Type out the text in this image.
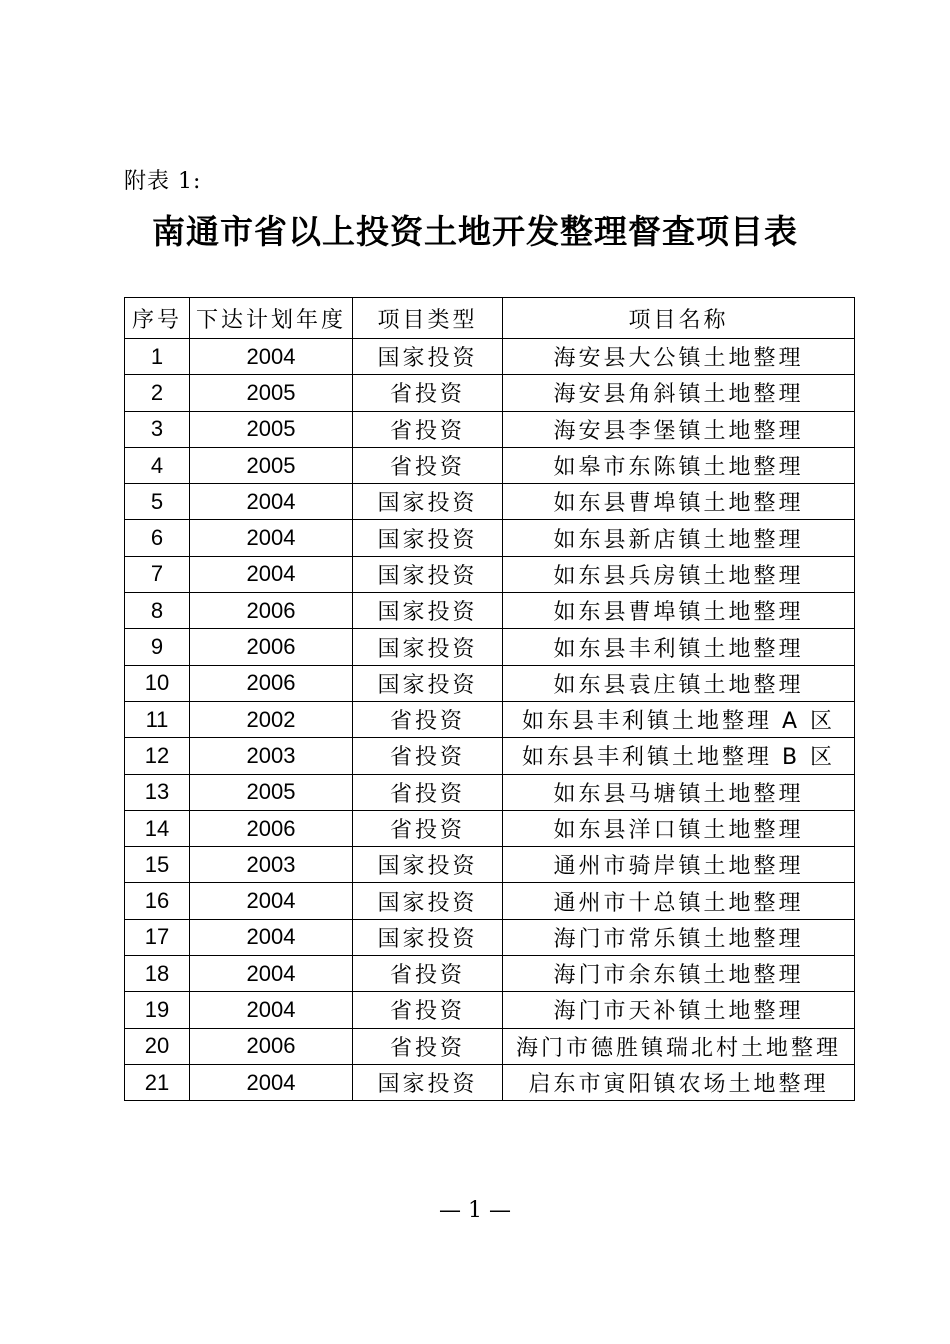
附表 1:
南通市省以上投资土地开发整理督查项目表
序号	下达计划年度	项目类型	项目名称
1	2004	国家投资	海安县大公镇土地整理
2	2005	省投资	海安县角斜镇土地整理
3	2005	省投资	海安县李堡镇土地整理
4	2005	省投资	如皋市东陈镇土地整理
5	2004	国家投资	如东县曹埠镇土地整理
6	2004	国家投资	如东县新店镇土地整理
7	2004	国家投资	如东县兵房镇土地整理
8	2006	国家投资	如东县曹埠镇土地整理
9	2006	国家投资	如东县丰利镇土地整理
10	2006	国家投资	如东县袁庄镇土地整理
11	2002	省投资	如东县丰利镇土地整理 A 区
12	2003	省投资	如东县丰利镇土地整理 B 区
13	2005	省投资	如东县马塘镇土地整理
14	2006	省投资	如东县洋口镇土地整理
15	2003	国家投资	通州市骑岸镇土地整理
16	2004	国家投资	通州市十总镇土地整理
17	2004	国家投资	海门市常乐镇土地整理
18	2004	省投资	海门市余东镇土地整理
19	2004	省投资	海门市天补镇土地整理
20	2006	省投资	海门市德胜镇瑞北村土地整理
21	2004	国家投资	启东市寅阳镇农场土地整理
— 1 —
